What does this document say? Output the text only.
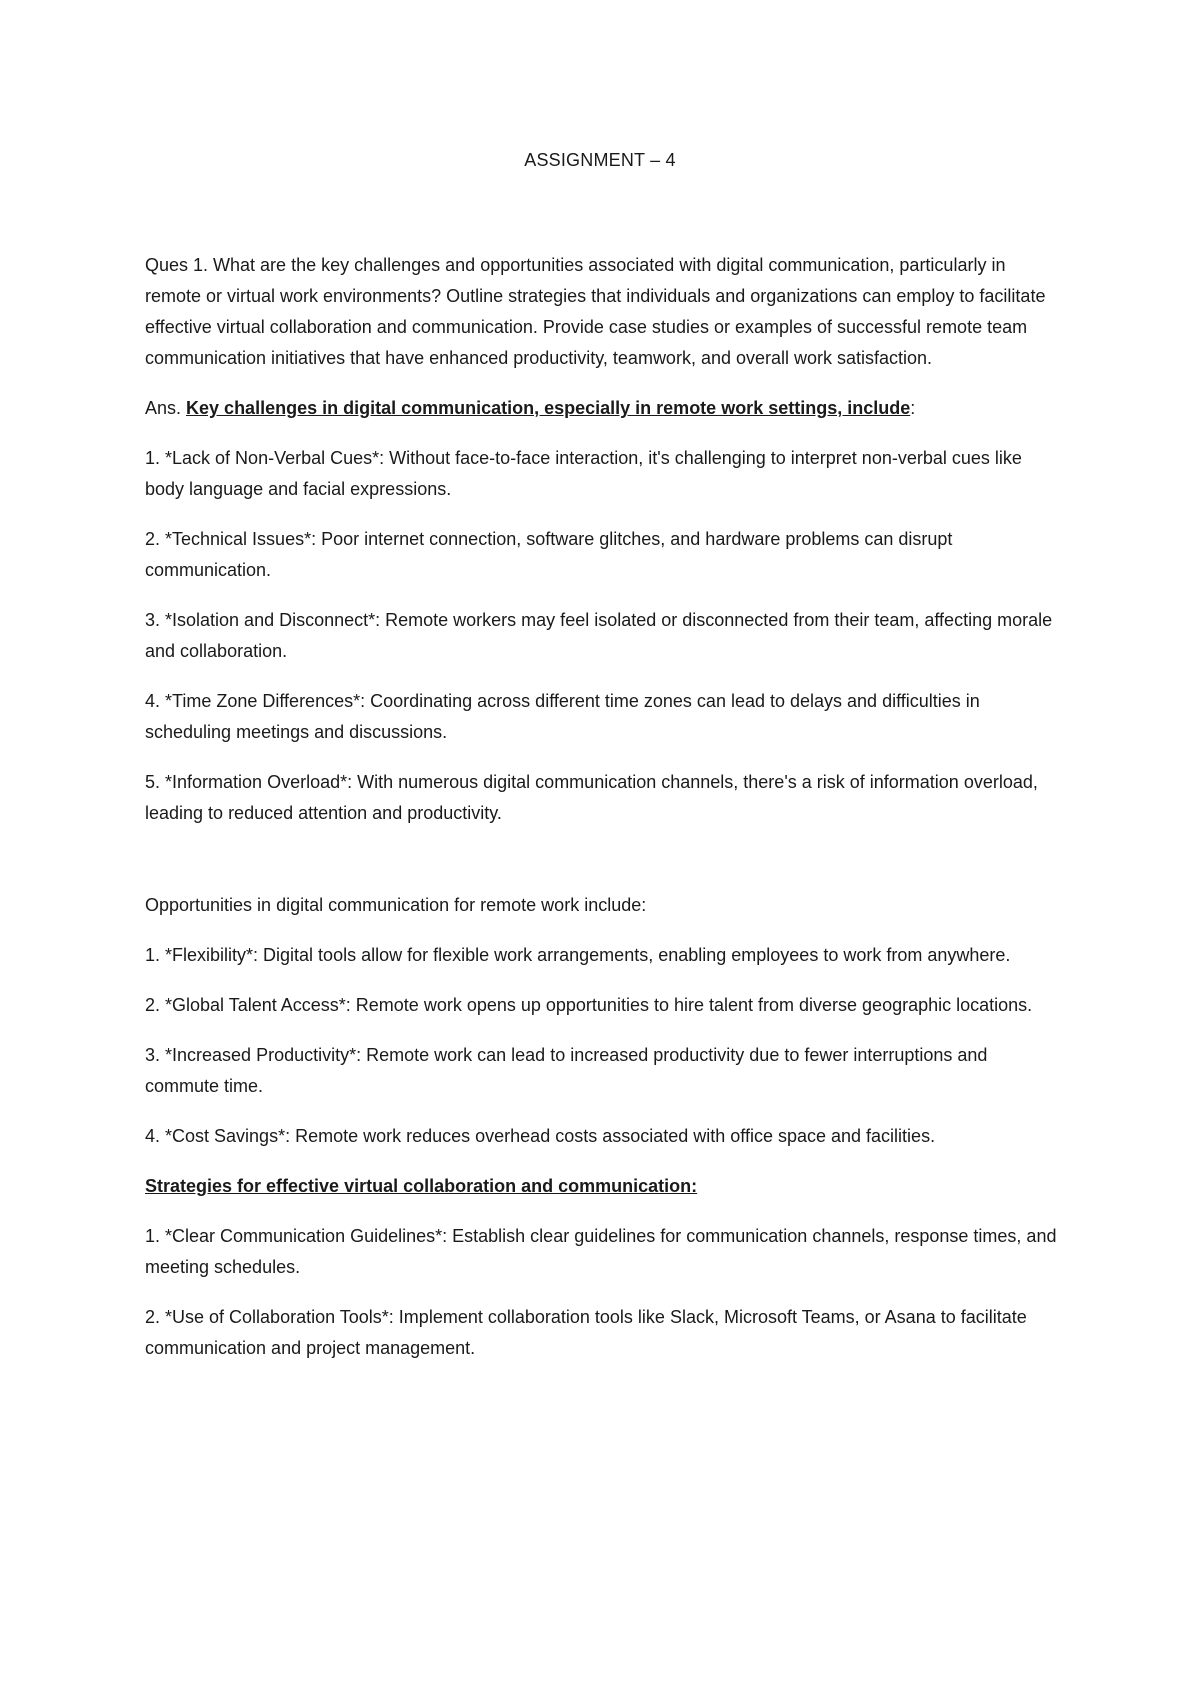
ASSIGNMENT – 4

Ques 1. What are the key challenges and opportunities associated with digital communication, particularly in remote or virtual work environments? Outline strategies that individuals and organizations can employ to facilitate effective virtual collaboration and communication. Provide case studies or examples of successful remote team communication initiatives that have enhanced productivity, teamwork, and overall work satisfaction.

Ans. Key challenges in digital communication, especially in remote work settings, include:

1. *Lack of Non-Verbal Cues*: Without face-to-face interaction, it's challenging to interpret non-verbal cues like body language and facial expressions.

2. *Technical Issues*: Poor internet connection, software glitches, and hardware problems can disrupt communication.

3. *Isolation and Disconnect*: Remote workers may feel isolated or disconnected from their team, affecting morale and collaboration.

4. *Time Zone Differences*: Coordinating across different time zones can lead to delays and difficulties in scheduling meetings and discussions.

5. *Information Overload*: With numerous digital communication channels, there's a risk of information overload, leading to reduced attention and productivity.

Opportunities in digital communication for remote work include:

1. *Flexibility*: Digital tools allow for flexible work arrangements, enabling employees to work from anywhere.

2. *Global Talent Access*: Remote work opens up opportunities to hire talent from diverse geographic locations.

3. *Increased Productivity*: Remote work can lead to increased productivity due to fewer interruptions and commute time.

4. *Cost Savings*: Remote work reduces overhead costs associated with office space and facilities.

Strategies for effective virtual collaboration and communication:

1. *Clear Communication Guidelines*: Establish clear guidelines for communication channels, response times, and meeting schedules.

2. *Use of Collaboration Tools*: Implement collaboration tools like Slack, Microsoft Teams, or Asana to facilitate communication and project management.
